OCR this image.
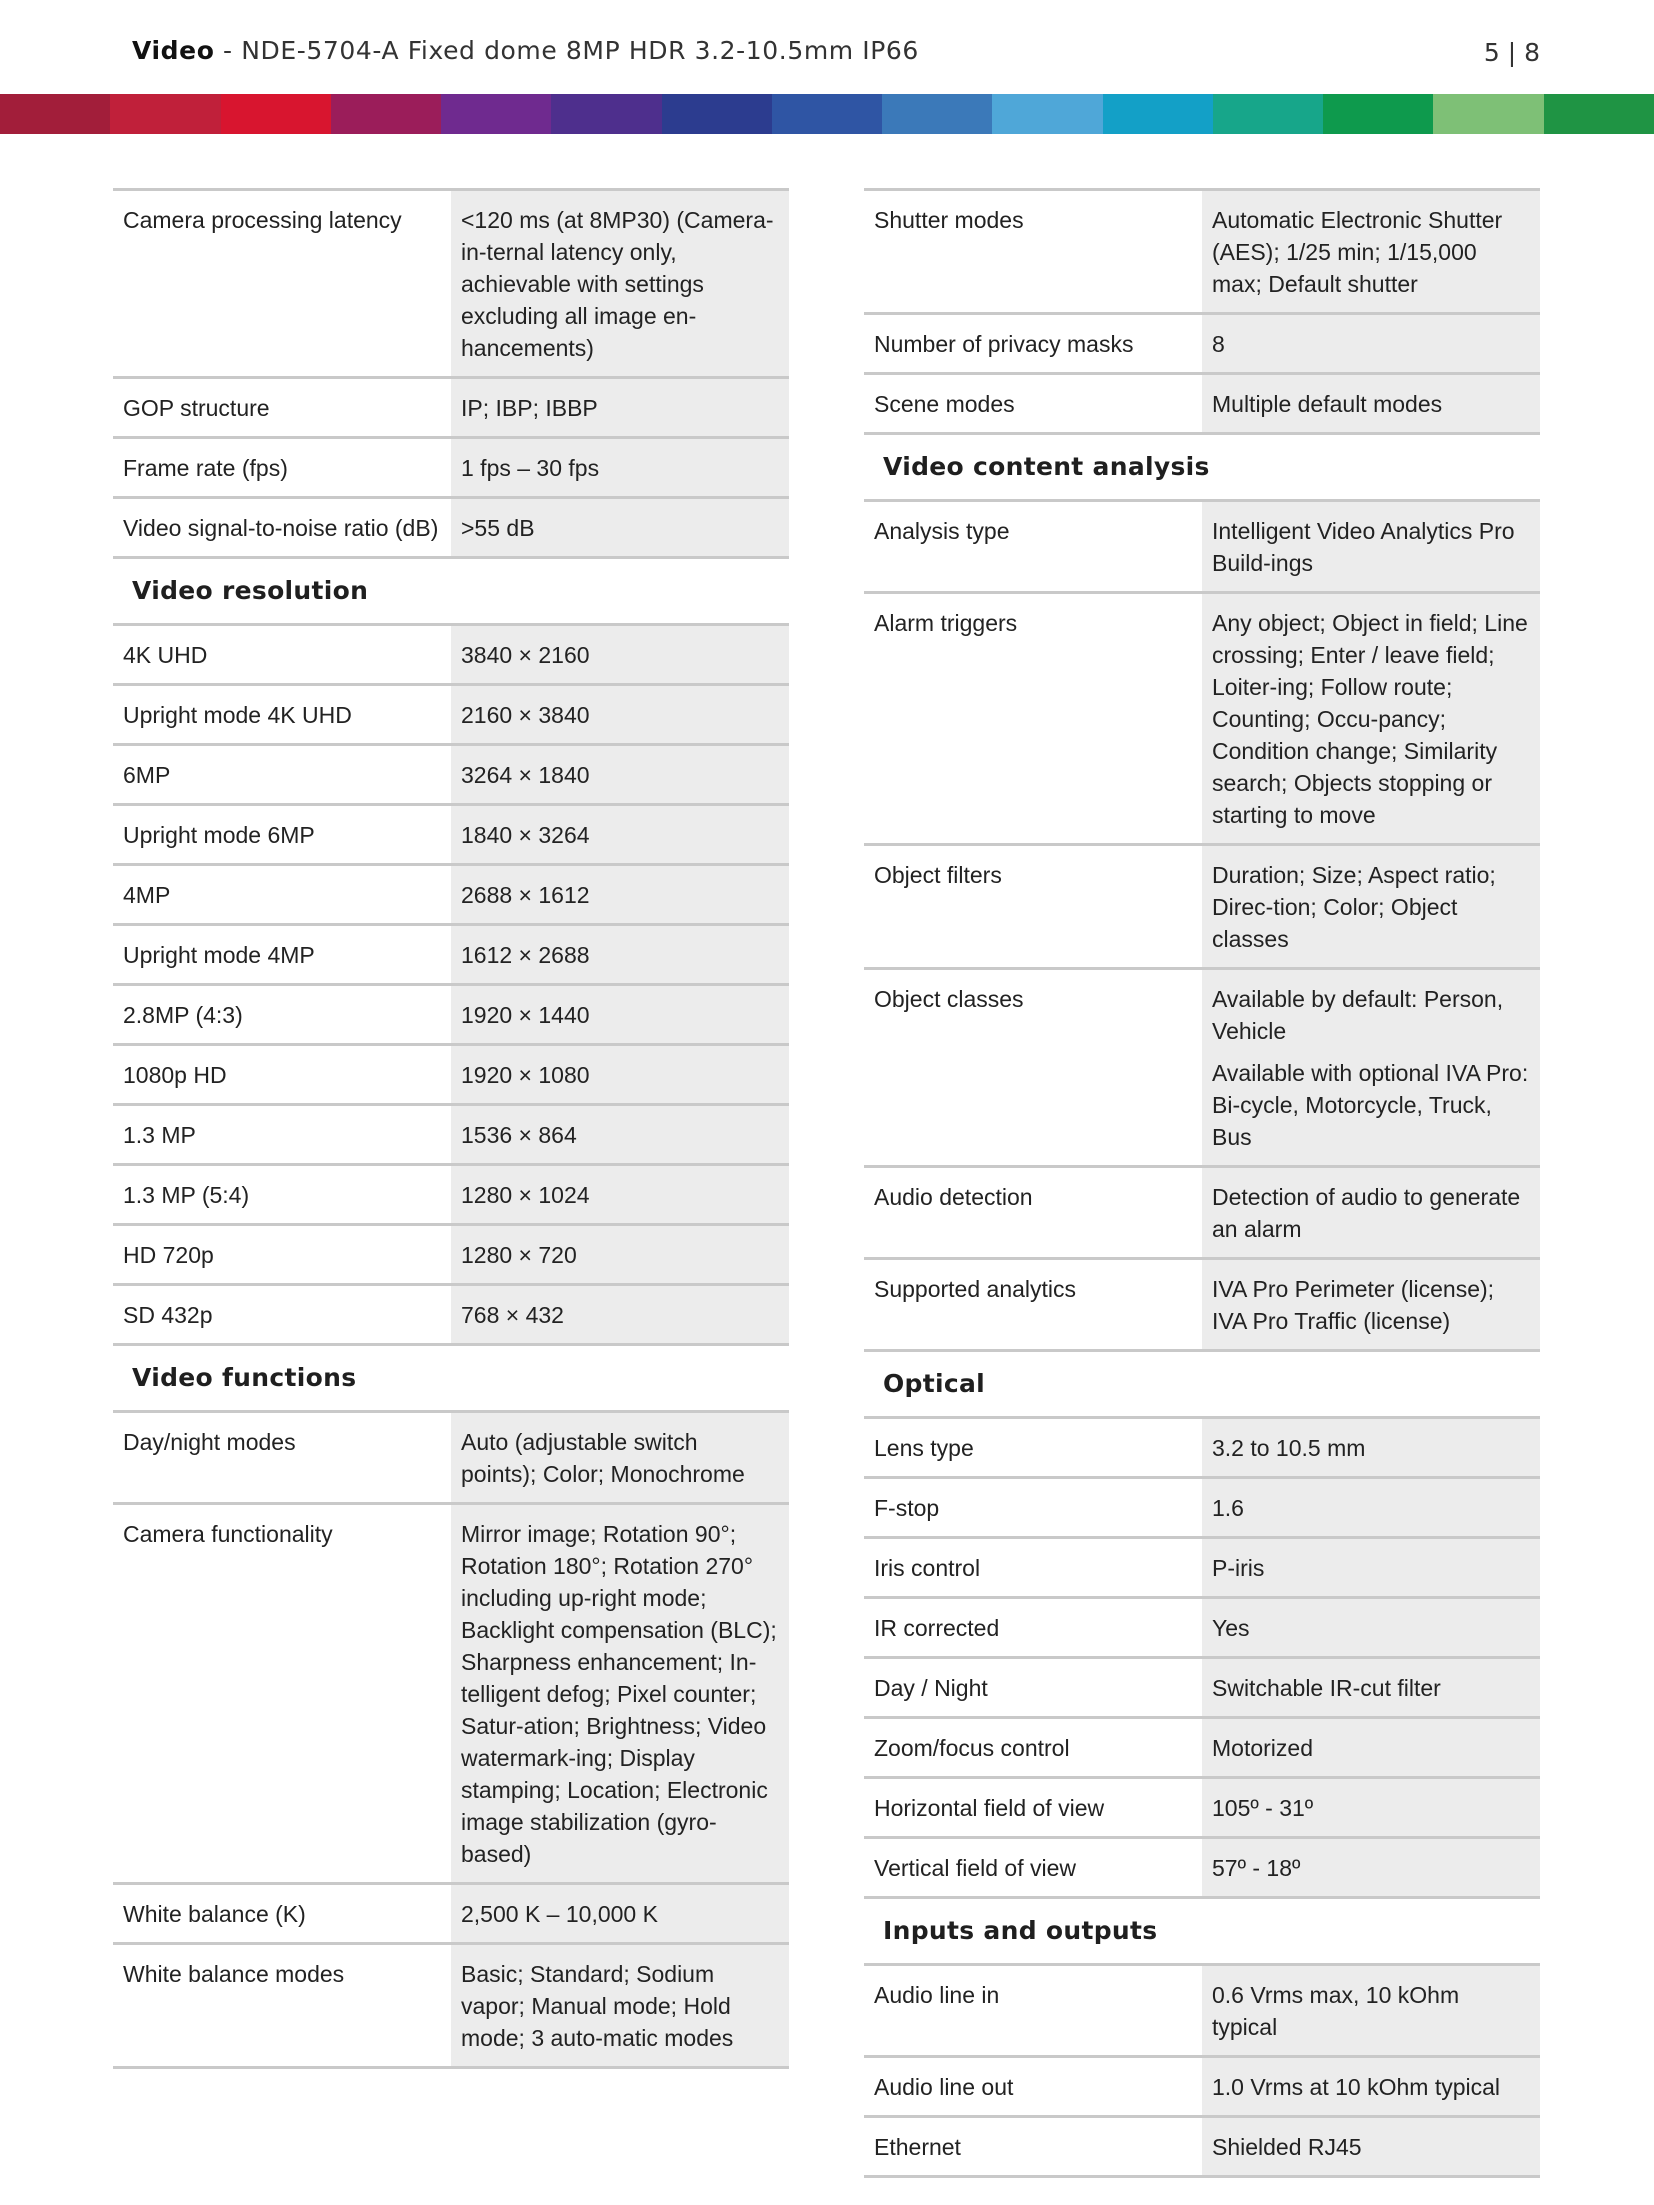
Video - NDE-5704-A Fixed dome 8MP HDR 3.2-10.5mm IP66	5 | 8
Camera processing latency	<120 ms (at 8MP30) (Camera-in-ternal latency only, achievable with settings excluding all image en-hancements)

GOP structure	IP; IBP; IBBP

Frame rate (fps)	1 fps – 30 fps

Video signal-to-noise ratio (dB)	>55 dB

Video resolution	
4K UHD	3840 × 2160

Upright mode 4K UHD	2160 × 3840

6MP	3264 × 1840

Upright mode 6MP	1840 × 3264

4MP	2688 × 1612

Upright mode 4MP	1612 × 2688

2.8MP (4:3)	1920 × 1440

1080p HD	1920 × 1080

1.3 MP	1536 × 864

1.3 MP (5:4)	1280 × 1024

HD 720p	1280 × 720

SD 432p	768 × 432

Video functions	
Day/night modes	Auto (adjustable switch points); Color; Monochrome

Camera functionality	Mirror image; Rotation 90°; Rotation 180°; Rotation 270° including up-right mode; Backlight compensation (BLC); Sharpness enhancement; In-telligent defog; Pixel counter; Satur-ation; Brightness; Video watermark-ing; Display stamping; Location; Electronic image stabilization (gyro-based)

White balance (K)	2,500 K – 10,000 K

White balance modes	Basic; Standard; Sodium vapor; Manual mode; Hold mode; 3 auto-matic modes

Shutter modes	Automatic Electronic Shutter (AES); 1/25 min; 1/15,000 max; Default shutter

Number of privacy masks	8

Scene modes	Multiple default modes

Video content analysis	
Analysis type	Intelligent Video Analytics Pro Build-ings

Alarm triggers	Any object; Object in field; Line crossing; Enter / leave field; Loiter-ing; Follow route; Counting; Occu-pancy; Condition change; Similarity search; Objects stopping or starting to move

Object filters	Duration; Size; Aspect ratio; Direc-tion; Color; Object classes

Object classes	Available by default: Person, Vehicle
Available with optional IVA Pro: Bi-cycle, Motorcycle, Truck, Bus

Audio detection	Detection of audio to generate an alarm

Supported analytics	IVA Pro Perimeter (license); IVA Pro Traffic (license)

Optical	
Lens type	3.2 to 10.5 mm

F-stop	1.6

Iris control	P-iris

IR corrected	Yes

Day / Night	Switchable IR-cut filter

Zoom/focus control	Motorized

Horizontal field of view	105º - 31º

Vertical field of view	57º - 18º

Inputs and outputs	
Audio line in	0.6 Vrms max, 10 kOhm typical

Audio line out	1.0 Vrms at 10 kOhm typical

Ethernet	Shielded RJ45
